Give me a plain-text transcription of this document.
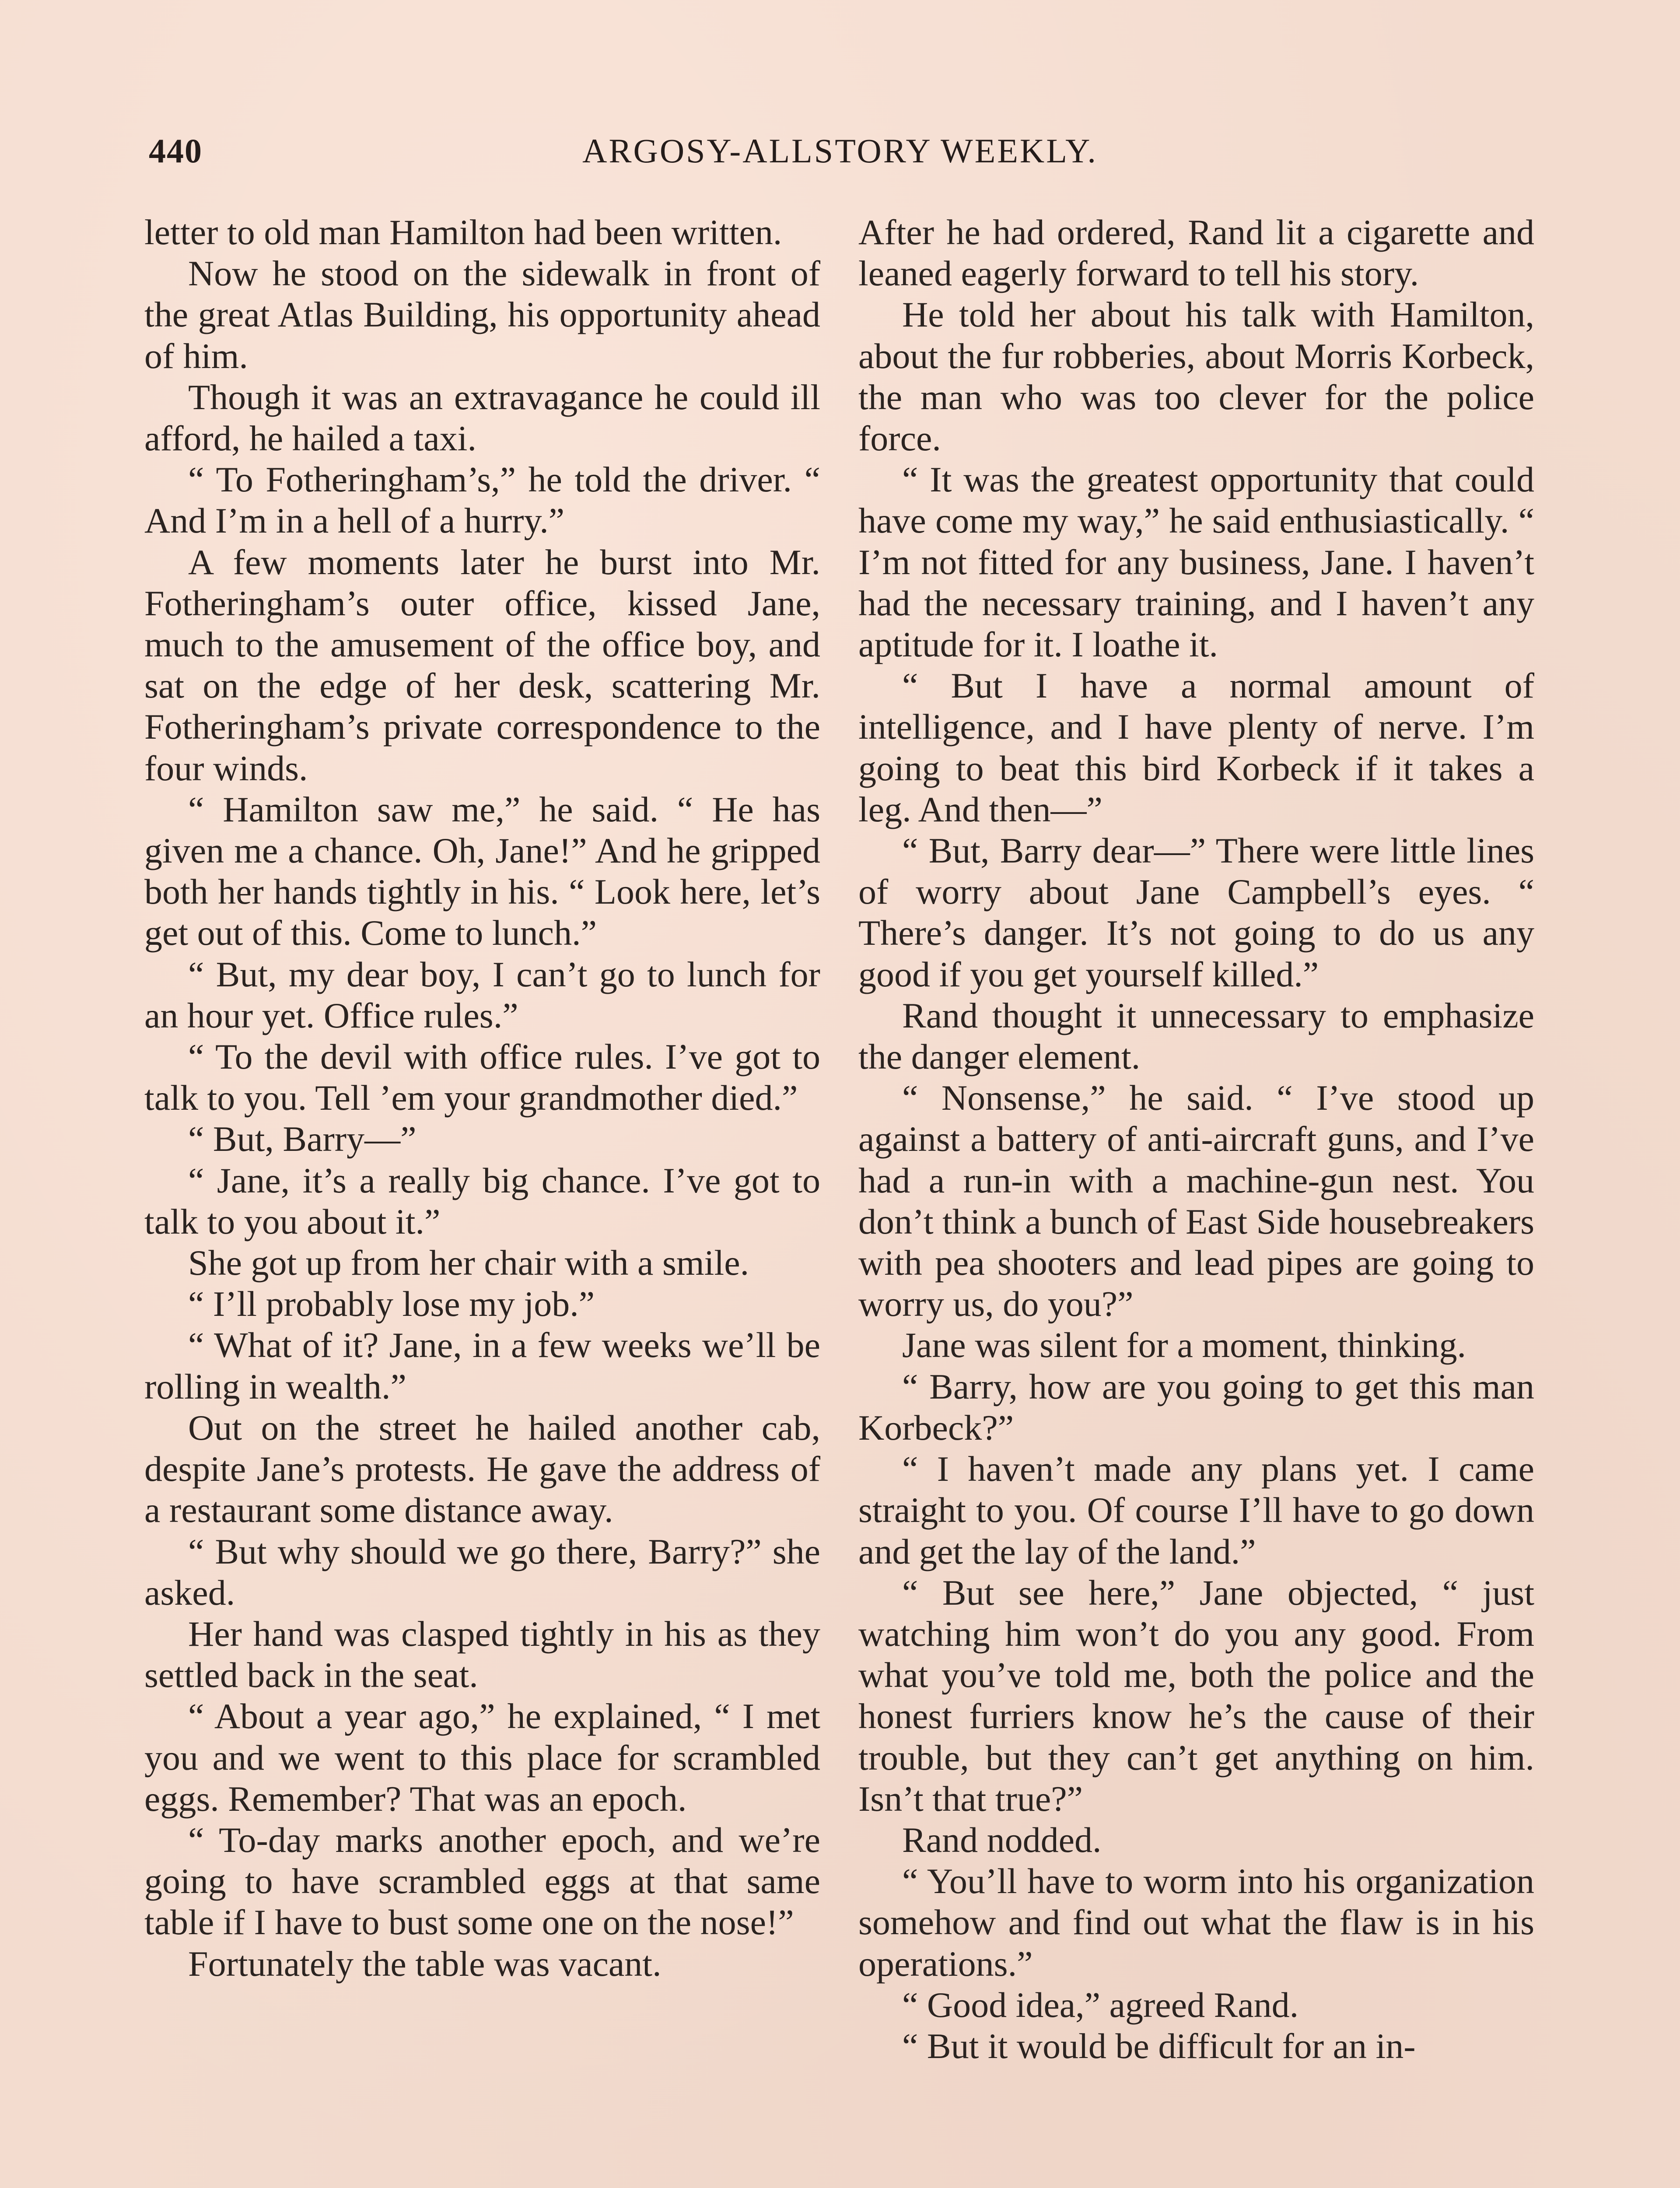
440	ARGOSY-ALLSTORY WEEKLY.

letter to old man Hamilton had been written.

Now he stood on the sidewalk in front of the great Atlas Building, his opportunity ahead of him.

Though it was an extravagance he could ill afford, he hailed a taxi.

“ To Fotheringham’s,” he told the driver. “ And I’m in a hell of a hurry.”

A few moments later he burst into Mr. Fotheringham’s outer office, kissed Jane, much to the amusement of the office boy, and sat on the edge of her desk, scattering Mr. Fotheringham’s private correspondence to the four winds.

“ Hamilton saw me,” he said. “ He has given me a chance. Oh, Jane!” And he gripped both her hands tightly in his. “ Look here, let’s get out of this. Come to lunch.”

“ But, my dear boy, I can’t go to lunch for an hour yet. Office rules.”

“ To the devil with office rules. I’ve got to talk to you. Tell ’em your grandmother died.”

“ But, Barry—”

“ Jane, it’s a really big chance. I’ve got to talk to you about it.”

She got up from her chair with a smile.

“ I’ll probably lose my job.”

“ What of it? Jane, in a few weeks we’ll be rolling in wealth.”

Out on the street he hailed another cab, despite Jane’s protests. He gave the address of a restaurant some distance away.

“ But why should we go there, Barry?” she asked.

Her hand was clasped tightly in his as they settled back in the seat.

“ About a year ago,” he explained, “ I met you and we went to this place for scrambled eggs. Remember? That was an epoch.

“ To-day marks another epoch, and we’re going to have scrambled eggs at that same table if I have to bust some one on the nose!”

Fortunately the table was vacant.

After he had ordered, Rand lit a cigarette and leaned eagerly forward to tell his story.

He told her about his talk with Hamilton, about the fur robberies, about Morris Korbeck, the man who was too clever for the police force.

“ It was the greatest opportunity that could have come my way,” he said enthusiastically. “ I’m not fitted for any business, Jane. I haven’t had the necessary training, and I haven’t any aptitude for it. I loathe it.

“ But I have a normal amount of intelligence, and I have plenty of nerve. I’m going to beat this bird Korbeck if it takes a leg. And then—”

“ But, Barry dear—” There were little lines of worry about Jane Campbell’s eyes. “ There’s danger. It’s not going to do us any good if you get yourself killed.”

Rand thought it unnecessary to emphasize the danger element.

“ Nonsense,” he said. “ I’ve stood up against a battery of anti-aircraft guns, and I’ve had a run-in with a machine-gun nest. You don’t think a bunch of East Side housebreakers with pea shooters and lead pipes are going to worry us, do you?”

Jane was silent for a moment, thinking.

“ Barry, how are you going to get this man Korbeck?”

“ I haven’t made any plans yet. I came straight to you. Of course I’ll have to go down and get the lay of the land.”

“ But see here,” Jane objected, “ just watching him won’t do you any good. From what you’ve told me, both the police and the honest furriers know he’s the cause of their trouble, but they can’t get anything on him. Isn’t that true?”

Rand nodded.

“ You’ll have to worm into his organization somehow and find out what the flaw is in his operations.”

“ Good idea,” agreed Rand.

“ But it would be difficult for an in-
